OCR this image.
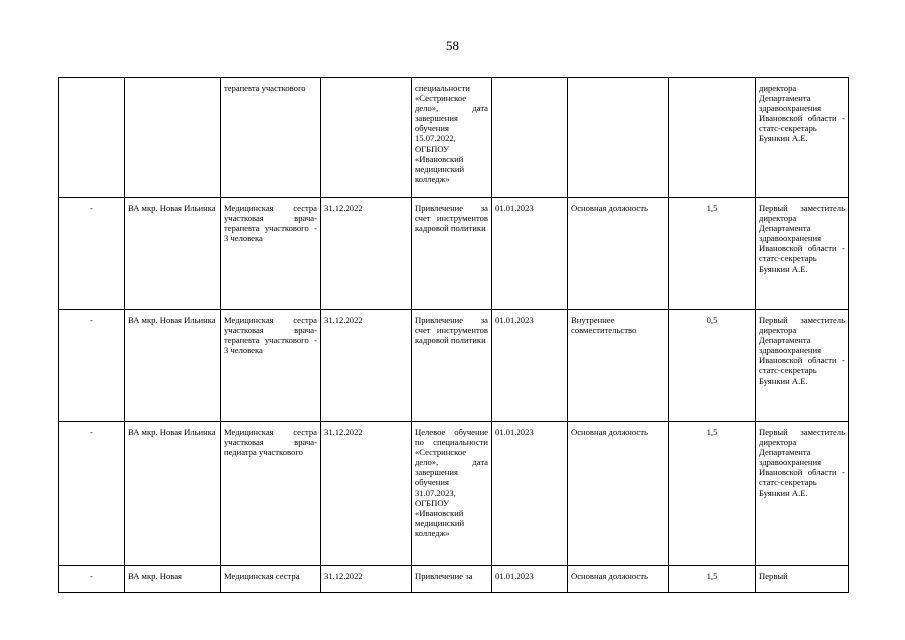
58
		терапевта участкового		специальности «Сестринское дело», дата завершения обучения 15.07.2022, ОГБПОУ «Ивановский медицинский колледж»				директора Департамента здравоохранения Ивановской области - статс-секретарь Буянкин А.Е.
-	ВА мкр. Новая Ильинка	Медицинская сестра участковая врача-терапевта участкового - 3 человека	31.12.2022	Привлечение за счет инструментов кадровой политики	01.01.2023	Основная должность	1,5	Первый заместитель директора Департамента здравоохранения Ивановской области - статс-секретарь Буянкин А.Е.
-	ВА мкр. Новая Ильинка	Медицинская сестра участковая врача-терапевта участкового - 3 человека	31.12.2022	Привлечение за счет инструментов кадровой политики	01.01.2023	Внутреннее совместительство	0,5	Первый заместитель директора Департамента здравоохранения Ивановской области - статс-секретарь Буянкин А.Е.
-	ВА мкр. Новая Ильинка	Медицинская сестра участковая врача-педиатра участкового	31.12.2022	Целевое обучение по специальности «Сестринское дело», дата завершения обучения 31.07.2023, ОГБПОУ «Ивановский медицинский колледж»	01.01.2023	Основная должность	1,5	Первый заместитель директора Департамента здравоохранения Ивановской области - статс-секретарь Буянкин А.Е.
-	ВА мкр. Новая	Медицинская сестра	31.12.2022	Привлечение за	01.01.2023	Основная должность	1,5	Первый
